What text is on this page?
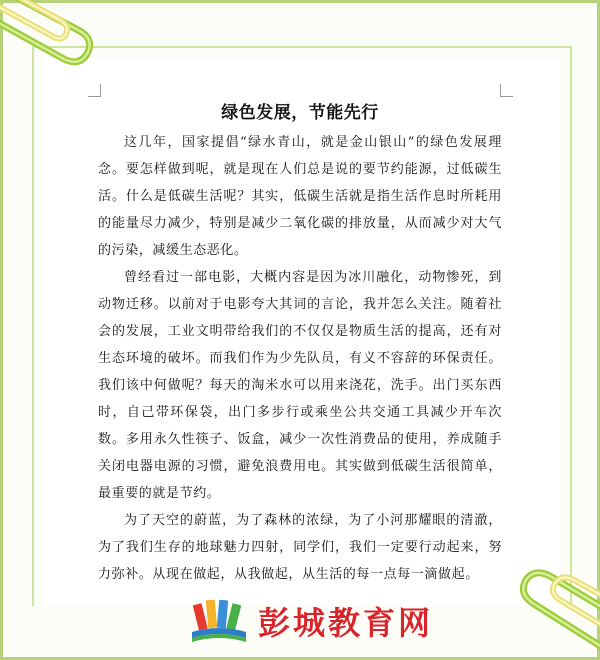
绿色发展，节能先行

这几年，国家提倡“绿水青山，就是金山银山”的绿色发展理念。要怎样做到呢，就是现在人们总是说的要节约能源，过低碳生活。什么是低碳生活呢？其实，低碳生活就是指生活作息时所耗用的能量尽力减少，特别是减少二氧化碳的排放量，从而减少对大气的污染，减缓生态恶化。

曾经看过一部电影，大概内容是因为冰川融化，动物惨死，到动物迁移。以前对于电影夸大其词的言论，我并怎么关注。随着社会的发展，工业文明带给我们的不仅仅是物质生活的提高，还有对生态环境的破坏。而我们作为少先队员，有义不容辞的环保责任。我们该中何做呢？每天的淘米水可以用来浇花，洗手。出门买东西时，自己带环保袋，出门多步行或乘坐公共交通工具减少开车次数。多用永久性筷子、饭盒，减少一次性消费品的使用，养成随手关闭电器电源的习惯，避免浪费用电。其实做到低碳生活很简单，最重要的就是节约。

为了天空的蔚蓝，为了森林的浓绿，为了小河那耀眼的清澈，为了我们生存的地球魅力四射，同学们，我们一定要行动起来，努力弥补。从现在做起，从我做起，从生活的每一点每一滴做起。

彭城教育网
